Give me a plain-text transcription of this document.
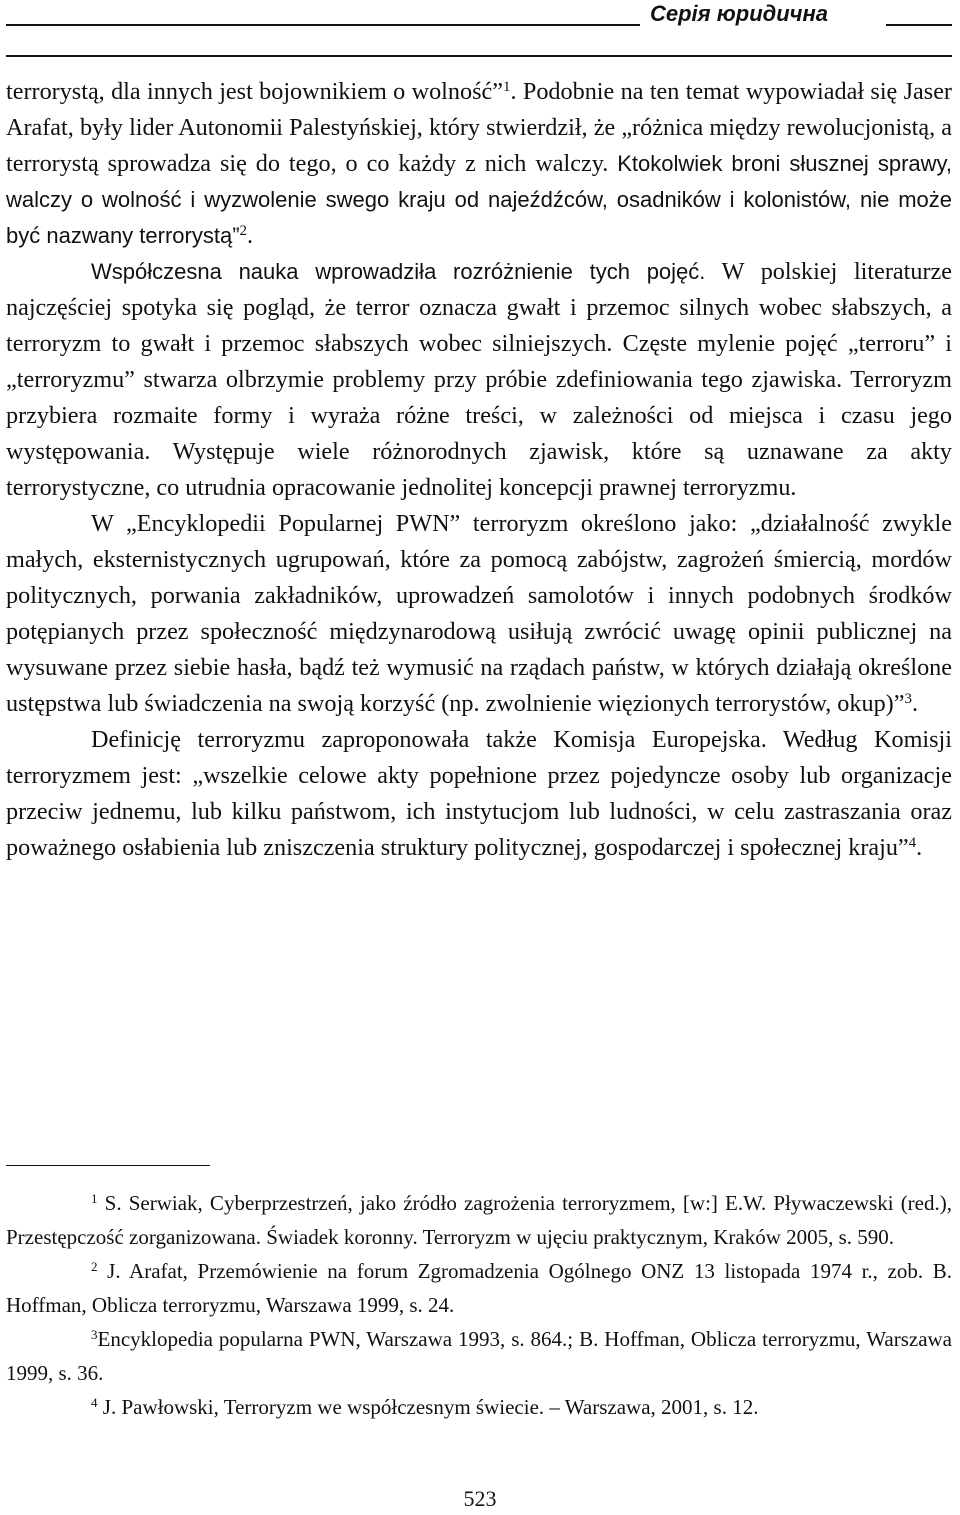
Серія юридична

terrorystą, dla innych jest bojownikiem o wolność”$^1$. Podobnie na ten temat wypowiadał się Jaser Arafat, były lider Autonomii Palestyńskiej, który stwierdził, że „różnica między rewolucjonistą, a terrorystą sprowadza się do tego, o co każdy z nich walczy. Ktokolwiek broni słusznej sprawy, walczy o wolność i wyzwolenie swego kraju od najeźdźców, osadników i kolonistów, nie może być nazwany terrorystą”$^2$.

Współczesna nauka wprowadziła rozróżnienie tych pojęć. W polskiej literaturze najczęściej spotyka się pogląd, że terror oznacza gwałt i przemoc silnych wobec słabszych, a terroryzm to gwałt i przemoc słabszych wobec silniejszych. Częste mylenie pojęć „terroru” i „terroryzmu” stwarza olbrzymie problemy przy próbie zdefiniowania tego zjawiska. Terroryzm przybiera rozmaite formy i wyraża różne treści, w zależności od miejsca i czasu jego występowania. Występuje wiele różnorodnych zjawisk, które są uznawane za akty terrorystyczne, co utrudnia opracowanie jednolitej koncepcji prawnej terroryzmu.

W „Encyklopedii Popularnej PWN” terroryzm określono jako: „działalność zwykle małych, eksternistycznych ugrupowań, które za pomocą zabójstw, zagrożeń śmiercią, mordów politycznych, porwania zakładników, uprowadzeń samolotów i innych podobnych środków potępianych przez społeczność międzynarodową usiłują zwrócić uwagę opinii publicznej na wysuwane przez siebie hasła, bądź też wymusić na rządach państw, w których działają określone ustępstwa lub świadczenia na swoją korzyść (np. zwolnienie więzionych terrorystów, okup)”$^3$.

Definicję terroryzmu zaproponowała także Komisja Europejska. Według Komisji terroryzmem jest: „wszelkie celowe akty popełnione przez pojedyncze osoby lub organizacje przeciw jednemu, lub kilku państwom, ich instytucjom lub ludności, w celu zastraszania oraz poważnego osłabienia lub zniszczenia struktury politycznej, gospodarczej i społecznej kraju”$^4$.

$^1$ S. Serwiak, Cyberprzestrzeń, jako źródło zagrożenia terroryzmem, [w:] E.W. Pływaczewski (red.), Przestępczość zorganizowana. Świadek koronny. Terroryzm w ujęciu praktycznym, Kraków 2005, s. 590.

$^2$ J. Arafat, Przemówienie na forum Zgromadzenia Ogólnego ONZ 13 listopada 1974 r., zob. B. Hoffman, Oblicza terroryzmu, Warszawa 1999, s. 24.

$^3$Encyklopedia popularna PWN, Warszawa 1993, s. 864.; B. Hoffman, Oblicza terroryzmu, Warszawa 1999, s. 36.

$^4$ J. Pawłowski, Terroryzm we współczesnym świecie. – Warszawa, 2001, s. 12.

523
